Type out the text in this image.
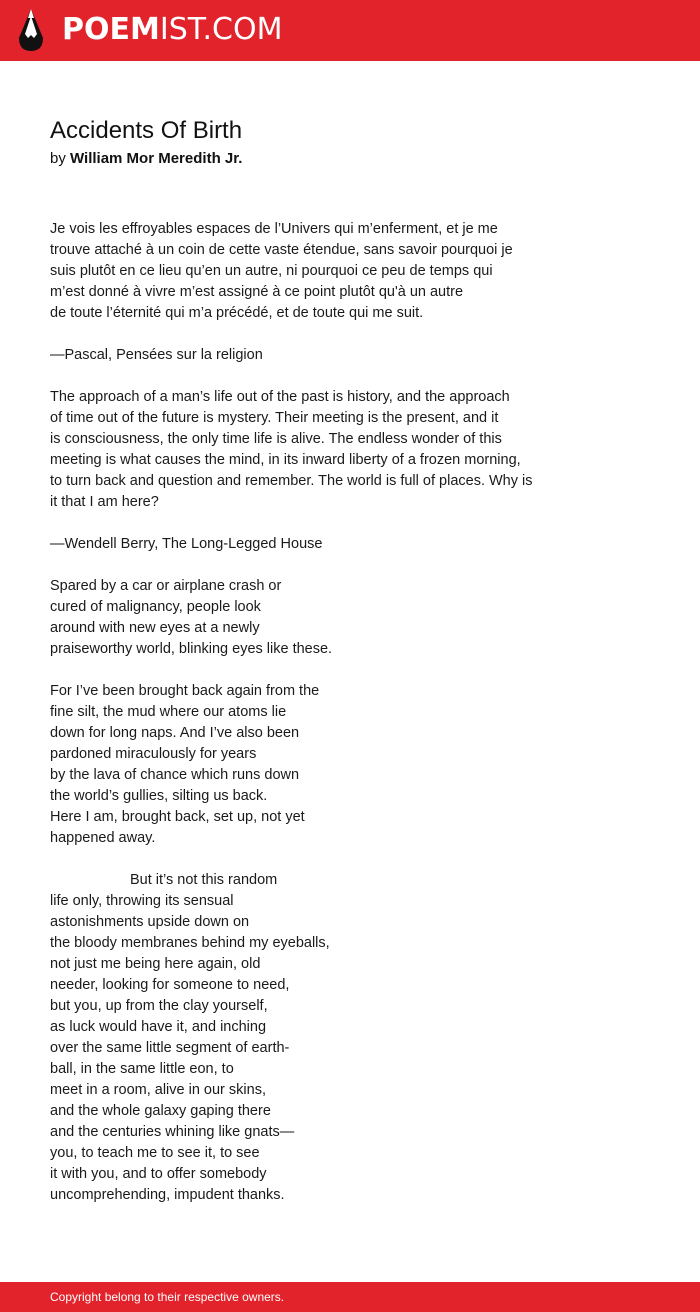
POEMIST.COM
Accidents Of Birth
by William Mor Meredith Jr.
Je vois les effroyables espaces de l’Univers qui m’enferment, et je me
trouve attaché à un coin de cette vaste étendue, sans savoir pourquoi je
suis plutôt en ce lieu qu’en un autre, ni pourquoi ce peu de temps qui
m’est donné à vivre m’est assigné à ce point plutôt qu'à un autre
de toute l’éternité qui m’a précédé, et de toute qui me suit.
—Pascal, Pensées sur la religion
The approach of a man’s life out of the past is history, and the approach
of time out of the future is mystery. Their meeting is the present, and it
is consciousness, the only time life is alive. The endless wonder of this
meeting is what causes the mind, in its inward liberty of a frozen morning,
to turn back and question and remember. The world is full of places. Why is
it that I am here?
—Wendell Berry, The Long-Legged House
Spared by a car or airplane crash or
cured of malignancy, people look
around with new eyes at a newly
praiseworthy world, blinking eyes like these.
For I’ve been brought back again from the
fine silt, the mud where our atoms lie
down for long naps. And I’ve also been
pardoned miraculously for years
by the lava of chance which runs down
the world’s gullies, silting us back.
Here I am, brought back, set up, not yet
happened away.
But it’s not this random
life only, throwing its sensual
astonishments upside down on
the bloody membranes behind my eyeballs,
not just me being here again, old
needer, looking for someone to need,
but you, up from the clay yourself,
as luck would have it, and inching
over the same little segment of earth-
ball, in the same little eon, to
meet in a room, alive in our skins,
and the whole galaxy gaping there
and the centuries whining like gnats—
you, to teach me to see it, to see
it with you, and to offer somebody
uncomprehending, impudent thanks.
Copyright belong to their respective owners.
